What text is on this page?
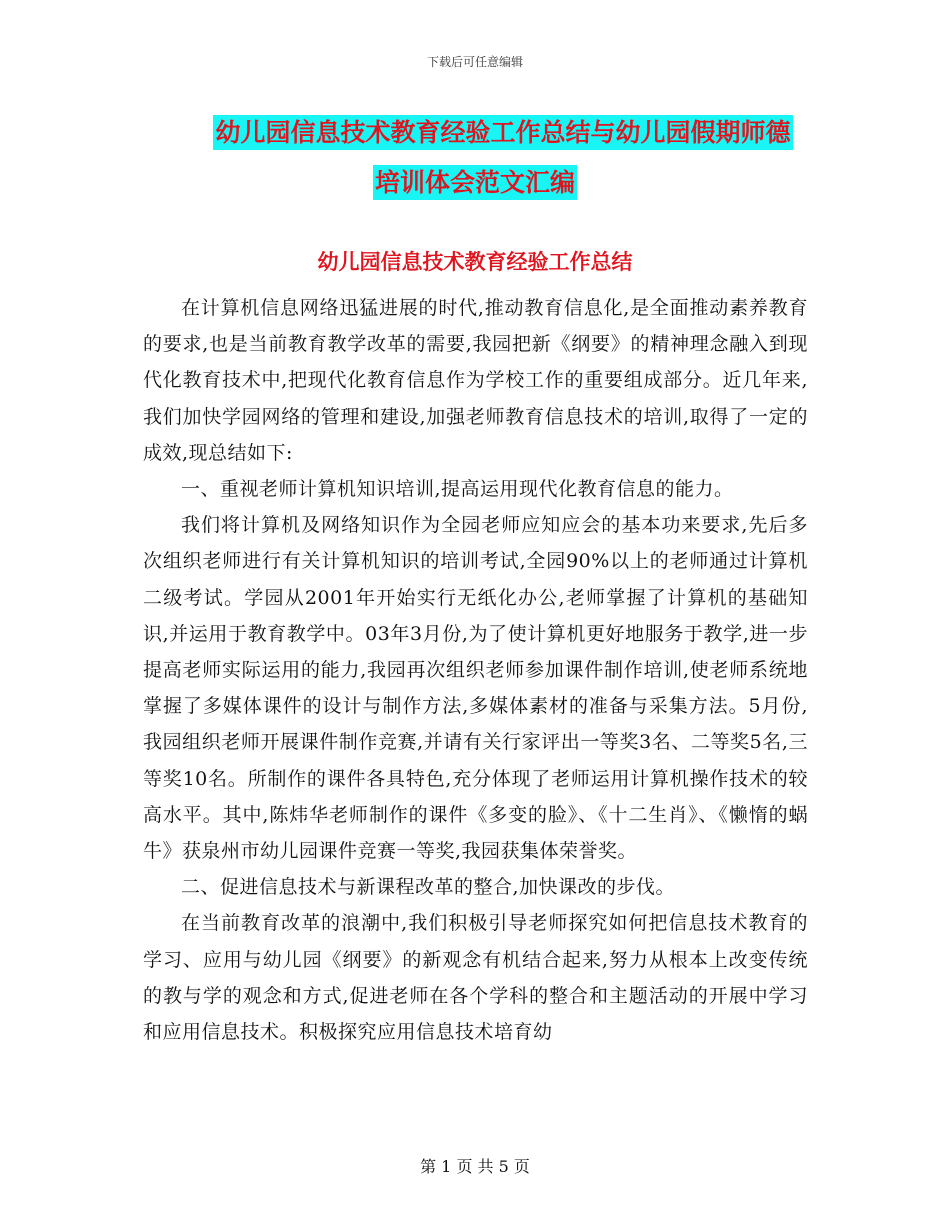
下载后可任意编辑
幼儿园信息技术教育经验工作总结与幼儿园假期师德
培训体会范文汇编
幼儿园信息技术教育经验工作总结

在计算机信息网络迅猛进展的时代,推动教育信息化,是全面推动素养教育的要求,也是当前教育教学改革的需要,我园把新《纲要》的精神理念融入到现代化教育技术中,把现代化教育信息作为学校工作的重要组成部分。近几年来,我们加快学园网络的管理和建设,加强老师教育信息技术的培训,取得了一定的成效,现总结如下:

一、重视老师计算机知识培训,提高运用现代化教育信息的能力。

我们将计算机及网络知识作为全园老师应知应会的基本功来要求,先后多次组织老师进行有关计算机知识的培训考试,全园90%以上的老师通过计算机二级考试。学园从2001年开始实行无纸化办公,老师掌握了计算机的基础知识,并运用于教育教学中。03年3月份,为了使计算机更好地服务于教学,进一步提高老师实际运用的能力,我园再次组织老师参加课件制作培训,使老师系统地掌握了多媒体课件的设计与制作方法,多媒体素材的准备与采集方法。5月份,我园组织老师开展课件制作竞赛,并请有关行家评出一等奖3名、二等奖5名,三等奖10名。所制作的课件各具特色,充分体现了老师运用计算机操作技术的较高水平。其中,陈炜华老师制作的课件《多变的脸》、《十二生肖》、《懒惰的蜗牛》获泉州市幼儿园课件竞赛一等奖,我园获集体荣誉奖。

二、促进信息技术与新课程改革的整合,加快课改的步伐。

在当前教育改革的浪潮中,我们积极引导老师探究如何把信息技术教育的学习、应用与幼儿园《纲要》的新观念有机结合起来,努力从根本上改变传统的教与学的观念和方式,促进老师在各个学科的整合和主题活动的开展中学习和应用信息技术。积极探究应用信息技术培育幼

第 1 页 共 5 页
